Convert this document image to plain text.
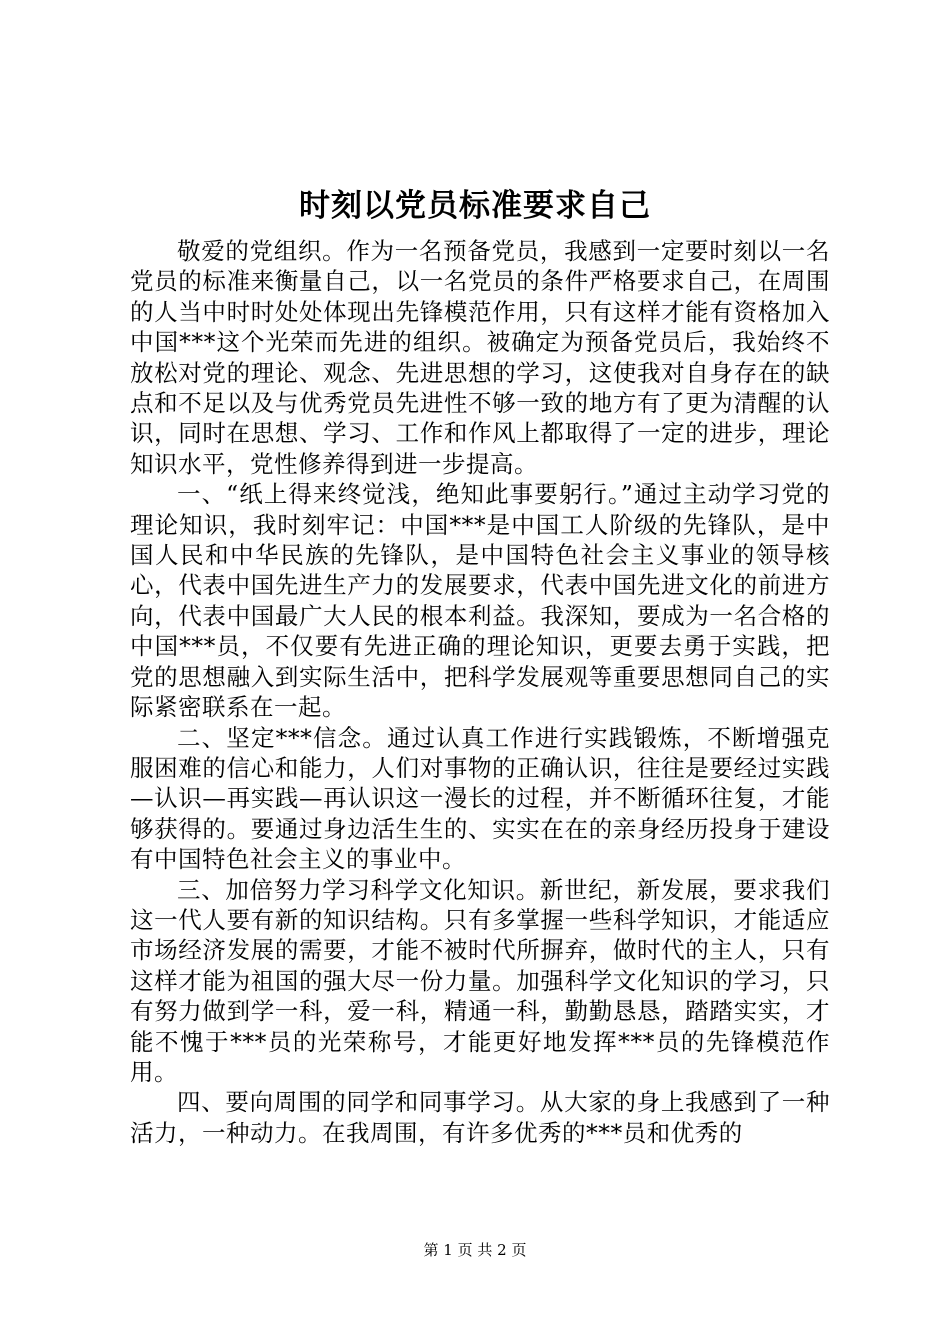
时刻以党员标准要求自己

敬爱的党组织。作为一名预备党员，我感到一定要时刻以一名党员的标准来衡量自己，以一名党员的条件严格要求自己，在周围的人当中时时处处体现出先锋模范作用，只有这样才能有资格加入中国***这个光荣而先进的组织。被确定为预备党员后，我始终不放松对党的理论、观念、先进思想的学习，这使我对自身存在的缺点和不足以及与优秀党员先进性不够一致的地方有了更为清醒的认识，同时在思想、学习、工作和作风上都取得了一定的进步，理论知识水平，党性修养得到进一步提高。

一、“纸上得来终觉浅，绝知此事要躬行。”通过主动学习党的理论知识，我时刻牢记：中国***是中国工人阶级的先锋队，是中国人民和中华民族的先锋队，是中国特色社会主义事业的领导核心，代表中国先进生产力的发展要求，代表中国先进文化的前进方向，代表中国最广大人民的根本利益。我深知，要成为一名合格的中国***员，不仅要有先进正确的理论知识，更要去勇于实践，把党的思想融入到实际生活中，把科学发展观等重要思想同自己的实际紧密联系在一起。

二、坚定***信念。通过认真工作进行实践锻炼，不断增强克服困难的信心和能力，人们对事物的正确认识，往往是要经过实践—认识—再实践—再认识这一漫长的过程，并不断循环往复，才能够获得的。要通过身边活生生的、实实在在的亲身经历投身于建设有中国特色社会主义的事业中。

三、加倍努力学习科学文化知识。新世纪，新发展，要求我们这一代人要有新的知识结构。只有多掌握一些科学知识，才能适应市场经济发展的需要，才能不被时代所摒弃，做时代的主人，只有这样才能为祖国的强大尽一份力量。加强科学文化知识的学习，只有努力做到学一科，爱一科，精通一科，勤勤恳恳，踏踏实实，才能不愧于***员的光荣称号，才能更好地发挥***员的先锋模范作用。

四、要向周围的同学和同事学习。从大家的身上我感到了一种活力，一种动力。在我周围，有许多优秀的***员和优秀的

第 1 页 共 2 页
